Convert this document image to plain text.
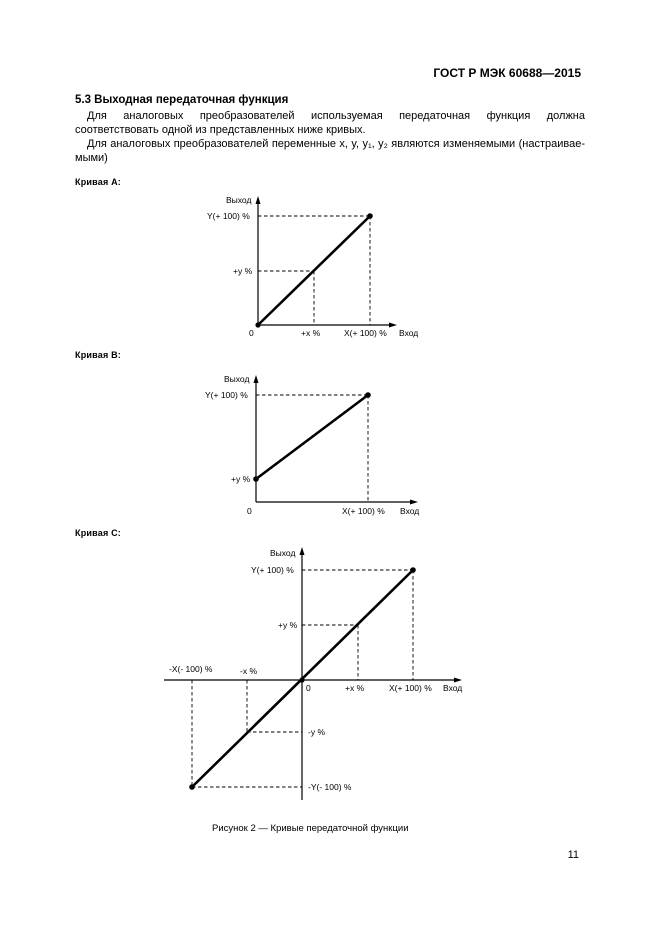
ГОСТ Р МЭК 60688—2015
5.3 Выходная передаточная функция
Для аналоговых преобразователей используемая передаточная функция должна соответствовать одной из представленных ниже кривых.
Для аналоговых преобразователей переменные x, y, y₁, y₂ являются изменяемыми (настраиваемыми)
Кривая А:
Кривая В:
Кривая С:
Выход
Y(+ 100) %
+y %
0	+x %	X(+ 100) % Вход
Выход
Y(+ 100) %
+y %
0	X(+ 100) % Вход
Выход
Y(+ 100) %
+y %
0	+x %	X(+ 100) % Вход
-X(- 100) %	-x %
-y %
-Y(- 100) %
Рисунок 2 — Кривые передаточной функции
11
